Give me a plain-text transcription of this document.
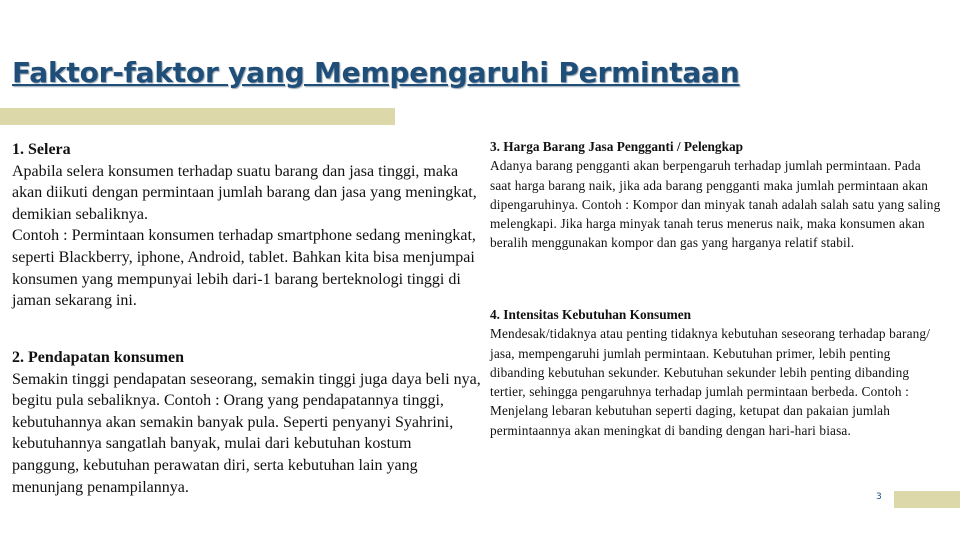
Faktor-faktor yang Mempengaruhi Permintaan

1. Selera

Apabila selera konsumen terhadap suatu barang dan jasa tinggi, maka akan diikuti dengan permintaan jumlah barang dan jasa yang meningkat, demikian sebaliknya.
Contoh : Permintaan konsumen terhadap smartphone sedang meningkat, seperti Blackberry, iphone, Android, tablet. Bahkan kita bisa menjumpai konsumen yang mempunyai lebih dari-1 barang berteknologi tinggi di jaman sekarang ini.

2. Pendapatan konsumen

Semakin tinggi pendapatan seseorang, semakin tinggi juga daya beli nya, begitu pula sebaliknya. Contoh : Orang yang pendapatannya tinggi, kebutuhannya akan semakin banyak pula. Seperti penyanyi Syahrini, kebutuhannya sangatlah banyak, mulai dari kebutuhan kostum panggung, kebutuhan perawatan diri, serta kebutuhan lain yang menunjang penampilannya.

3. Harga Barang Jasa Pengganti / Pelengkap

Adanya barang pengganti akan berpengaruh terhadap jumlah permintaan. Pada saat harga barang naik, jika ada barang pengganti maka jumlah permintaan akan dipengaruhinya. Contoh : Kompor dan minyak tanah adalah salah satu yang saling melengkapi. Jika harga minyak tanah terus menerus naik, maka konsumen akan beralih menggunakan kompor dan gas yang harganya relatif stabil.

4. Intensitas Kebutuhan Konsumen

Mendesak/tidaknya atau penting tidaknya kebutuhan seseorang terhadap barang/ jasa, mempengaruhi jumlah permintaan. Kebutuhan primer, lebih penting dibanding kebutuhan sekunder. Kebutuhan sekunder lebih penting dibanding tertier, sehingga pengaruhnya terhadap jumlah permintaan berbeda. Contoh : Menjelang lebaran kebutuhan seperti daging, ketupat dan pakaian jumlah permintaannya akan meningkat di banding dengan hari-hari biasa.

3
